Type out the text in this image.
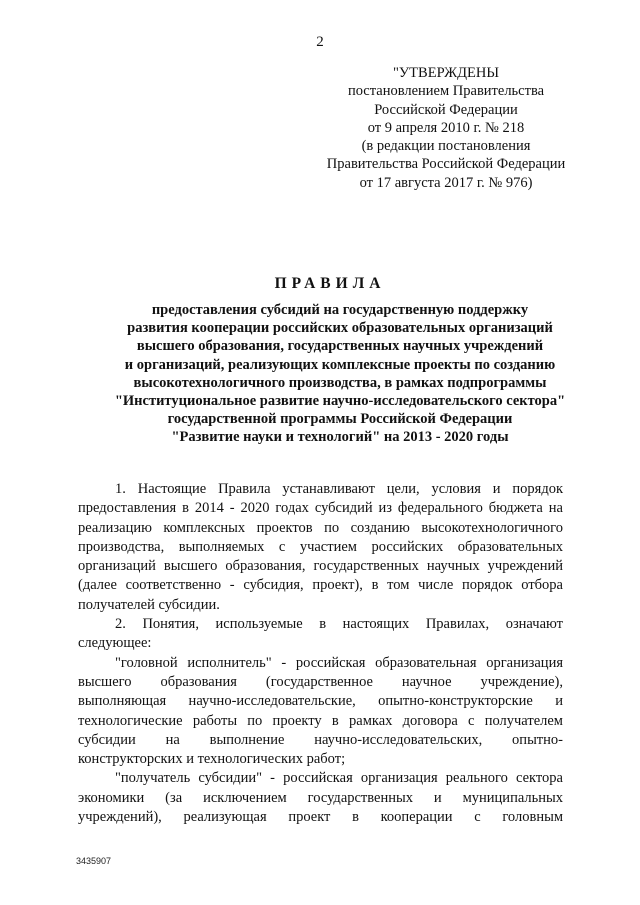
2
"УТВЕРЖДЕНЫ
постановлением Правительства
Российской Федерации
от 9 апреля 2010 г. № 218
(в редакции постановления
Правительства Российской Федерации
от 17 августа 2017 г. № 976)
ПРАВИЛА
предоставления субсидий на государственную поддержку
развития кооперации российских образовательных организаций
высшего образования, государственных научных учреждений
и организаций, реализующих комплексные проекты по созданию
высокотехнологичного производства, в рамках подпрограммы
"Институциональное развитие научно-исследовательского сектора"
государственной программы Российской Федерации
"Развитие науки и технологий" на 2013 - 2020 годы
1. Настоящие Правила устанавливают цели, условия и порядок
предоставления в 2014 - 2020 годах субсидий из федерального бюджета на
реализацию комплексных проектов по созданию высокотехнологичного
производства, выполняемых с участием российских образовательных
организаций высшего образования, государственных научных учреждений
(далее соответственно - субсидия, проект), в том числе порядок отбора
получателей субсидии.
2. Понятия, используемые в настоящих Правилах, означают
следующее:
"головной исполнитель" - российская образовательная организация
высшего образования (государственное научное учреждение),
выполняющая научно-исследовательские, опытно-конструкторские и
технологические работы по проекту в рамках договора с получателем
субсидии на выполнение научно-исследовательских, опытно-
конструкторских и технологических работ;
"получатель субсидии" - российская организация реального сектора
экономики (за исключением государственных и муниципальных
учреждений), реализующая проект в кооперации с головным
3435907
